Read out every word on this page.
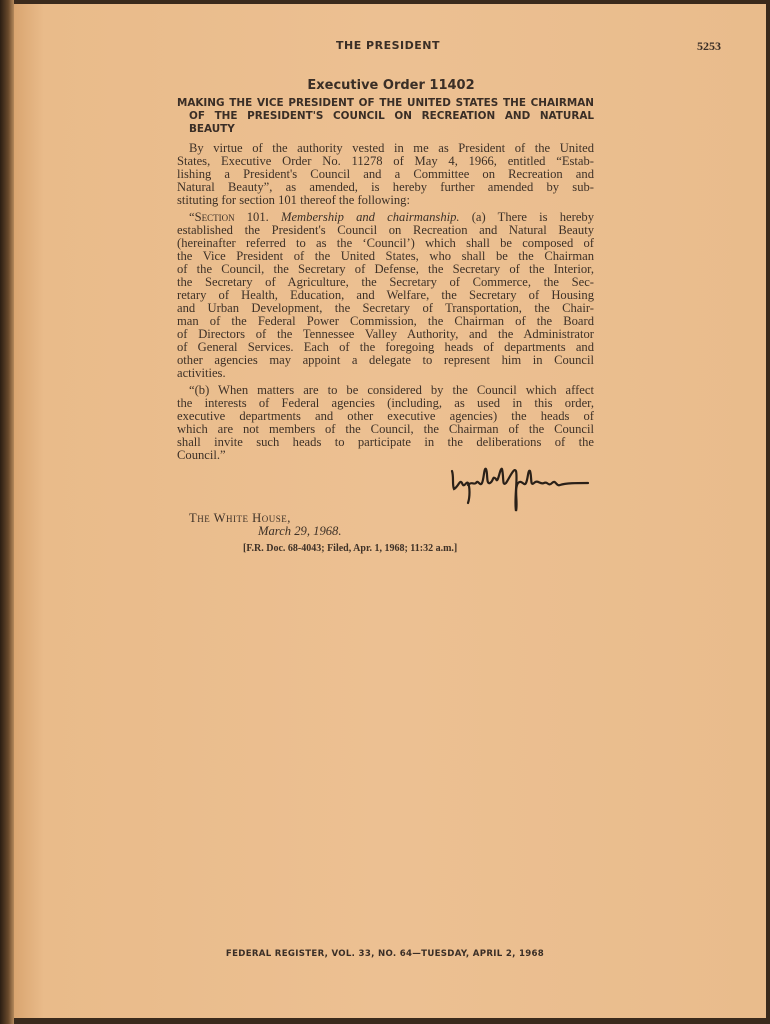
THE PRESIDENT	5253
Executive Order 11402
MAKING THE VICE PRESIDENT OF THE UNITED STATES THE CHAIRMAN
OF THE PRESIDENT'S COUNCIL ON RECREATION AND NATURAL
BEAUTY
By virtue of the authority vested in me as President of the United
States, Executive Order No. 11278 of May 4, 1966, entitled “Estab-
lishing a President's Council and a Committee on Recreation and
Natural Beauty”, as amended, is hereby further amended by sub-
stituting for section 101 thereof the following:
“Section 101. Membership and chairmanship. (a) There is hereby
established the President's Council on Recreation and Natural Beauty
(hereinafter referred to as the ‘Council’) which shall be composed of
the Vice President of the United States, who shall be the Chairman
of the Council, the Secretary of Defense, the Secretary of the Interior,
the Secretary of Agriculture, the Secretary of Commerce, the Sec-
retary of Health, Education, and Welfare, the Secretary of Housing
and Urban Development, the Secretary of Transportation, the Chair-
man of the Federal Power Commission, the Chairman of the Board
of Directors of the Tennessee Valley Authority, and the Administrator
of General Services. Each of the foregoing heads of departments and
other agencies may appoint a delegate to represent him in Council
activities.
“(b) When matters are to be considered by the Council which affect
the interests of Federal agencies (including, as used in this order,
executive departments and other executive agencies) the heads of
which are not members of the Council, the Chairman of the Council
shall invite such heads to participate in the deliberations of the
Council.”
The White House,
March 29, 1968.
[F.R. Doc. 68-4043; Filed, Apr. 1, 1968; 11:32 a.m.]
FEDERAL REGISTER, VOL. 33, NO. 64—TUESDAY, APRIL 2, 1968
